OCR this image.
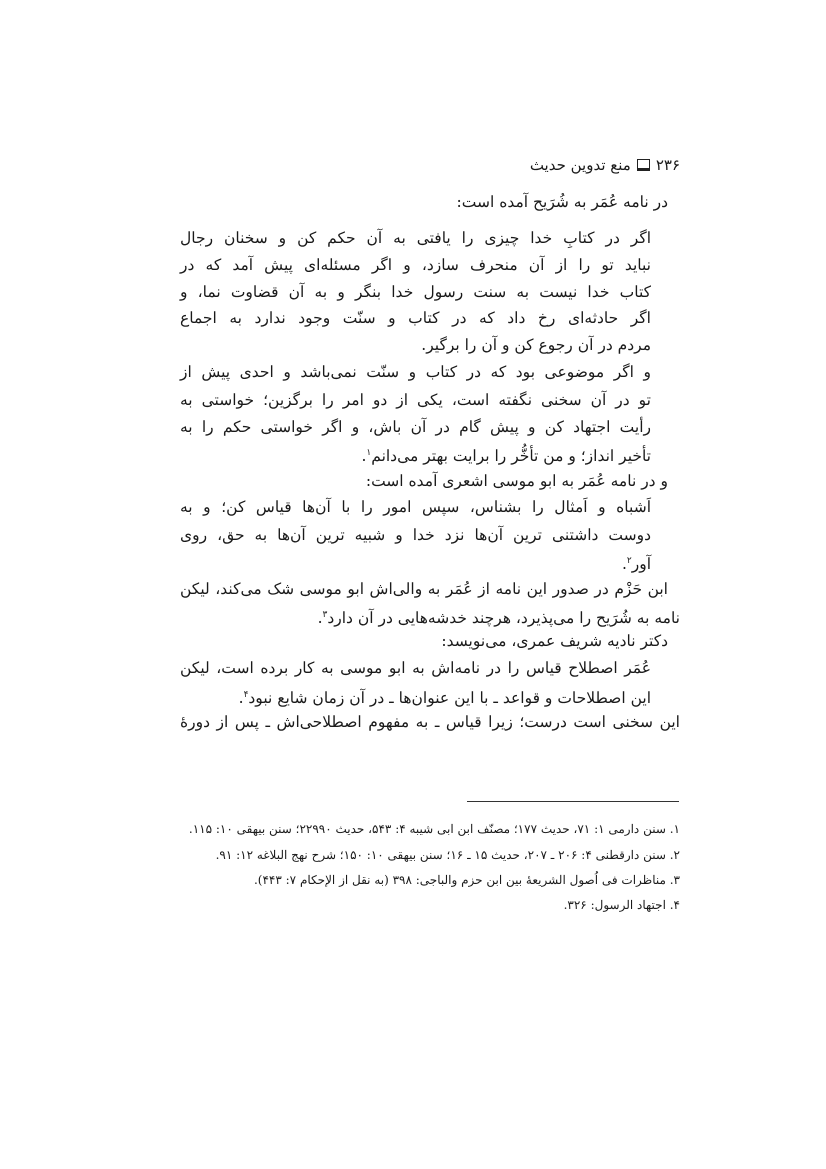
۲۳۶
منع تدوین حدیث
در نامه عُمَر به شُرَیح آمده است:
اگر در کتابِ خدا چیزی را یافتی به آن حکم کن و سخنان رجال
نباید تو را از آن منحرف سازد، و اگر مسئله‌ای پیش آمد که در
کتاب خدا نیست به سنت رسول خدا بنگر و به آن قضاوت نما، و
اگر حادثه‌ای رخ داد که در کتاب و سنّت وجود ندارد به اجماع
مردم در آن رجوع کن و آن را برگیر.
و اگر موضوعی بود که در کتاب و سنّت نمی‌باشد و احدی پیش از
تو در آن سخنی نگفته است، یکی از دو امر را برگزین؛ خواستی به
رأیت اجتهاد کن و پیش گام در آن باش، و اگر خواستی حکم را به
تأخیر انداز؛ و من تأخُّر را برایت بهتر می‌دانم$^۱$.
و در نامه عُمَر به ابو موسی اشعری آمده است:
اَشباه و اَمثال را بشناس، سپس امور را با آن‌ها قیاس کن؛ و به
دوست داشتنی ترین آن‌ها نزد خدا و شبیه ترین آن‌ها به حق، روی
آور$^۲$.
ابن حَزْم در صدور این نامه از عُمَر به والی‌اش ابو موسی شک می‌کند، لیکن
نامه به شُرَیح را می‌پذیرد، هرچند خدشه‌هایی در آن دارد$^۳$.
دکتر نادیه شریف عمری، می‌نویسد:
عُمَر اصطلاح قیاس را در نامه‌اش به ابو موسی به کار برده است، لیکن
این اصطلاحات و قواعد ـ با این عنوان‌ها ـ در آن زمان شایع نبود$^۴$.
این سخنی است درست؛ زیرا قیاس ـ به مفهوم اصطلاحی‌اش ـ پس از دورهٔ
۱. سنن دارمی ۱: ۷۱، حدیث ۱۷۷؛ مصنّف ابن ابی شیبه ۴: ۵۴۳، حدیث ۲۲۹۹۰؛ سنن بیهقی ۱۰: ۱۱۵.
۲. سنن دارقطنی ۴: ۲۰۶ ـ ۲۰۷، حدیث ۱۵ ـ ۱۶؛ سنن بیهقی ۱۰: ۱۵۰؛ شرح نهج البلاغه ۱۲: ۹۱.
۳. مناظرات فی اُصول الشریعهٔ بین ابن حزم والباجی: ۳۹۸ (به نقل از الإحکام ۷: ۴۴۳).
۴. اجتهاد الرسول: ۳۲۶.
